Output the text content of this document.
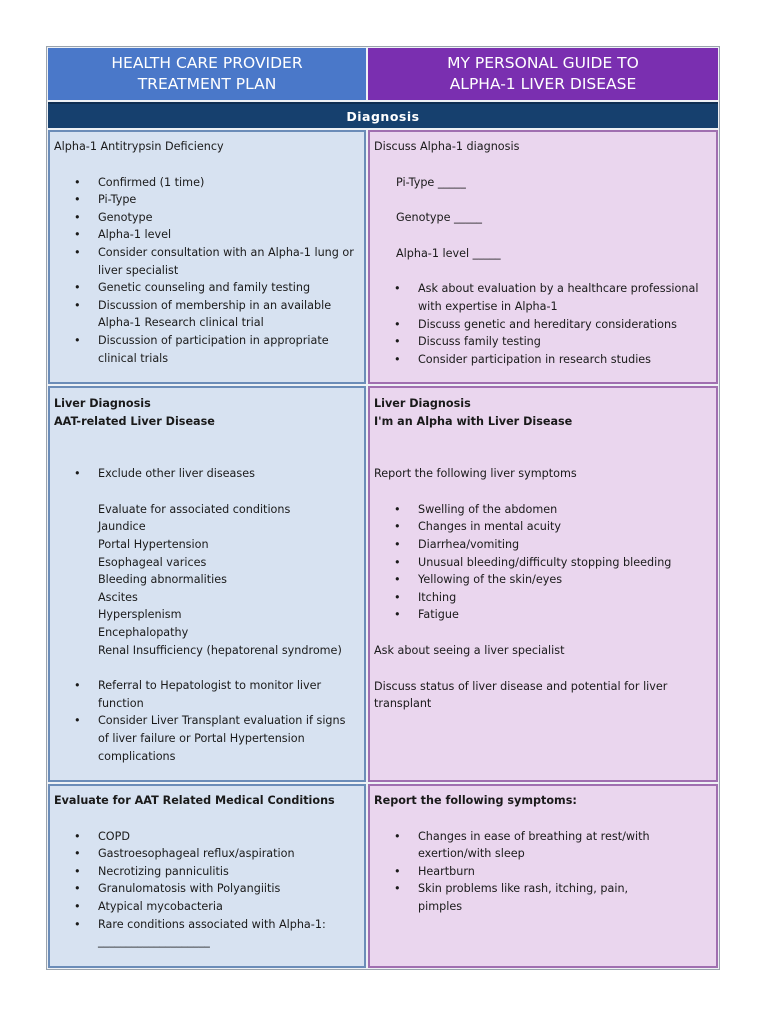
HEALTH CARE PROVIDER
TREATMENT PLAN
MY PERSONAL GUIDE TO
ALPHA-1 LIVER DISEASE
Diagnosis

Alpha-1 Antitrypsin Deficiency

• Confirmed (1 time)
• Pi-Type
• Genotype
• Alpha-1 level
• Consider consultation with an Alpha-1 lung or liver specialist
• Genetic counseling and family testing
• Discussion of membership in an available Alpha-1 Research clinical trial
• Discussion of participation in appropriate clinical trials

Discuss Alpha-1 diagnosis

Pi-Type _____

Genotype _____

Alpha-1 level _____

• Ask about evaluation by a healthcare professional with expertise in Alpha-1
• Discuss genetic and hereditary considerations
• Discuss family testing
• Consider participation in research studies

Liver Diagnosis

AAT-related Liver Disease

• Exclude other liver diseases

Evaluate for associated conditions

Jaundice

Portal Hypertension

Esophageal varices

Bleeding abnormalities

Ascites

Hypersplenism

Encephalopathy

Renal Insufficiency (hepatorenal syndrome)

• Referral to Hepatologist to monitor liver function
• Consider Liver Transplant evaluation if signs of liver failure or Portal Hypertension complications

Liver Diagnosis

I'm an Alpha with Liver Disease

Report the following liver symptoms

• Swelling of the abdomen
• Changes in mental acuity
• Diarrhea/vomiting
• Unusual bleeding/difficulty stopping bleeding
• Yellowing of the skin/eyes
• Itching
• Fatigue

Ask about seeing a liver specialist

Discuss status of liver disease and potential for liver transplant

Evaluate for AAT Related Medical Conditions

• COPD
• Gastroesophageal reflux/aspiration
• Necrotizing panniculitis
• Granulomatosis with Polyangiitis
• Atypical mycobacteria
• Rare conditions associated with Alpha-1: ____________________

Report the following symptoms:

• Changes in ease of breathing at rest/with exertion/with sleep
• Heartburn
• Skin problems like rash, itching, pain, pimples
